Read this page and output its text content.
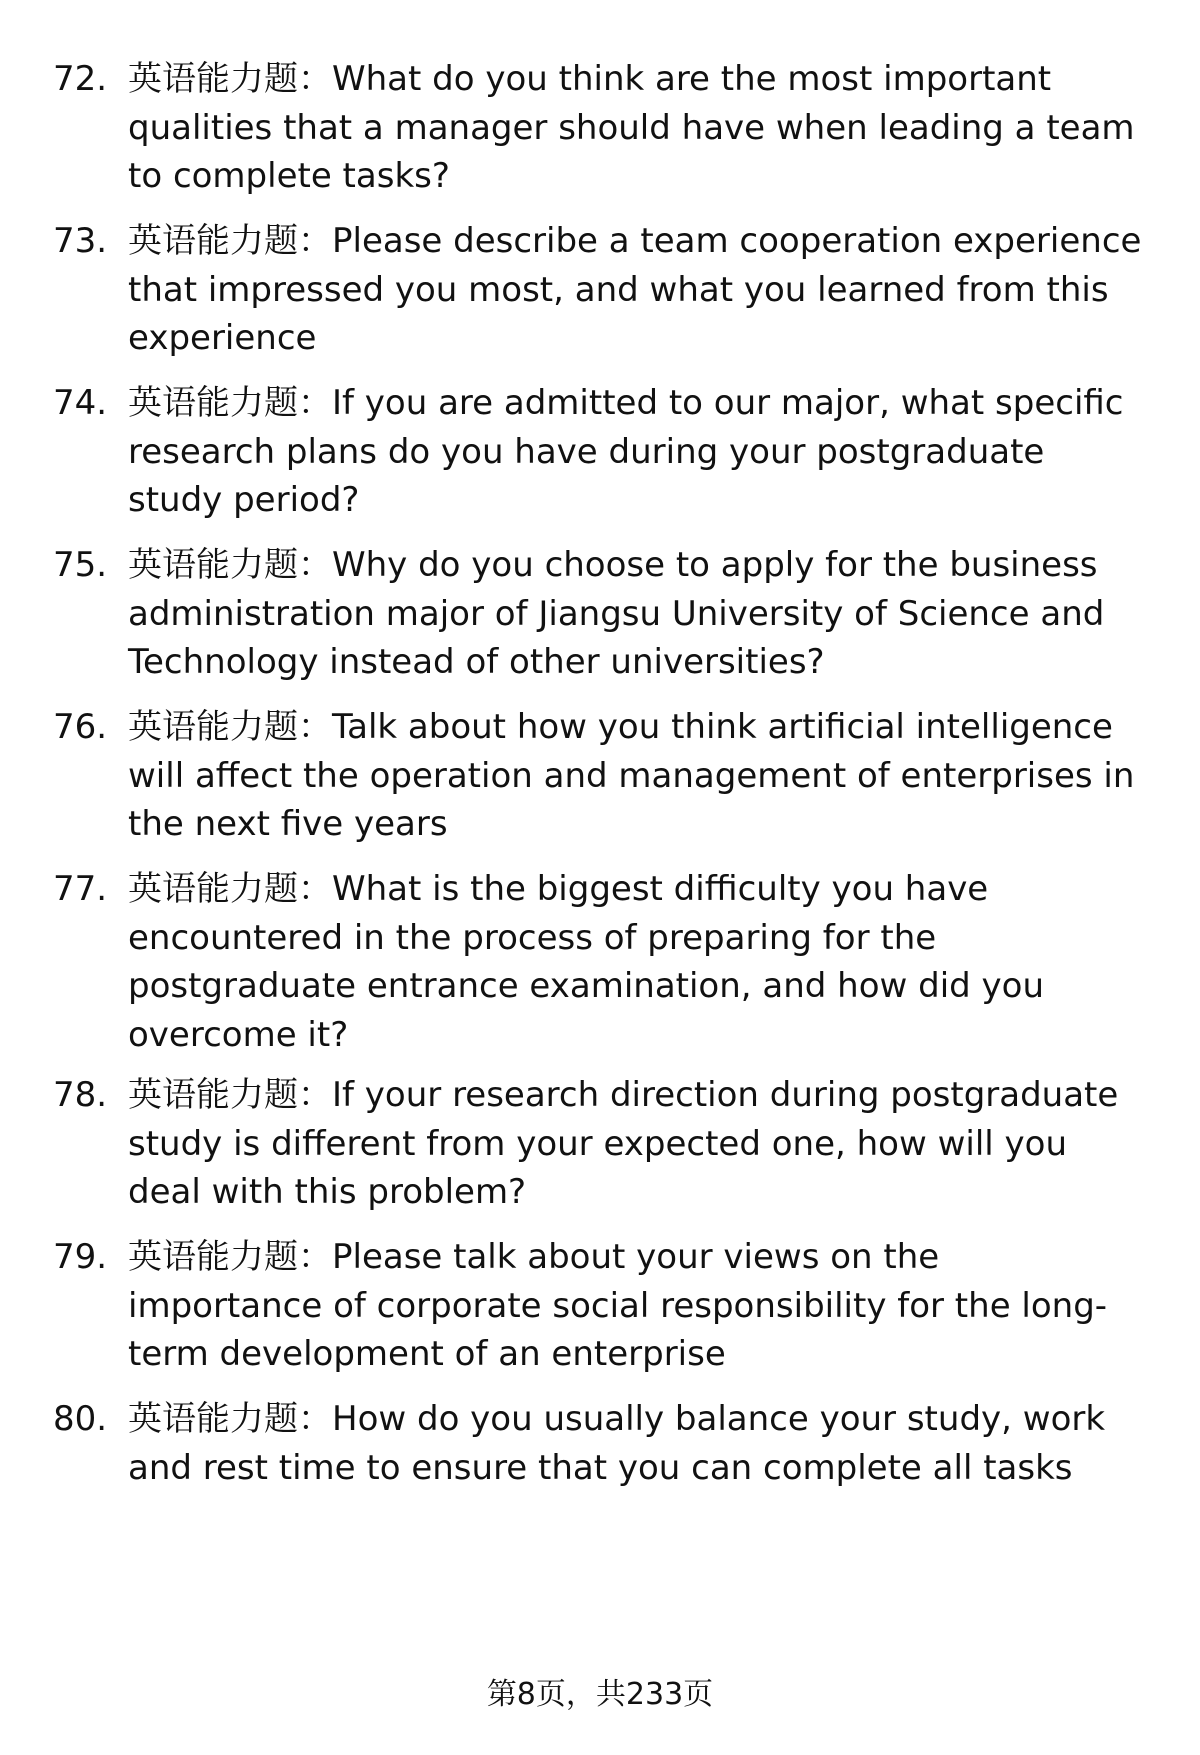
72. 英语能力题：What do you think are the most important
qualities that a manager should have when leading a team
to complete tasks?
73. 英语能力题：Please describe a team cooperation experience
that impressed you most, and what you learned from this
experience
74. 英语能力题：If you are admitted to our major, what specific
research plans do you have during your postgraduate
study period?
75. 英语能力题：Why do you choose to apply for the business
administration major of Jiangsu University of Science and
Technology instead of other universities?
76. 英语能力题：Talk about how you think artificial intelligence
will affect the operation and management of enterprises in
the next five years
77. 英语能力题：What is the biggest difficulty you have
encountered in the process of preparing for the
postgraduate entrance examination, and how did you
overcome it?
78. 英语能力题：If your research direction during postgraduate
study is different from your expected one, how will you
deal with this problem?
79. 英语能力题：Please talk about your views on the
importance of corporate social responsibility for the long-
term development of an enterprise
80. 英语能力题：How do you usually balance your study, work
and rest time to ensure that you can complete all tasks
第8页，共233页
